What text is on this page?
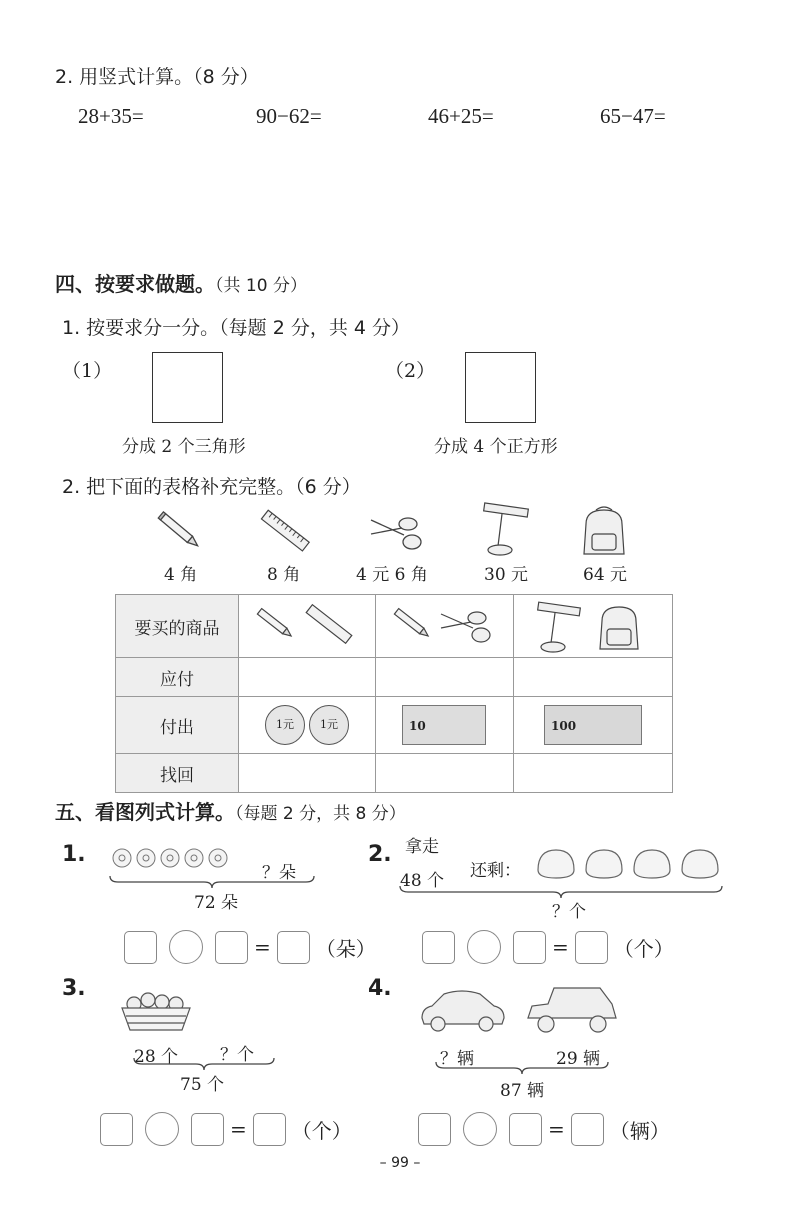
2. 用竖式计算。（8 分）
28+35=	90−62=	46+25=	65−47=
四、按要求做题。（共 10 分）
1. 按要求分一分。（每题 2 分，共 4 分）
（1）
分成 2 个三角形
（2）
分成 4 个正方形
2. 把下面的表格补充完整。（6 分）
4 角	8 角	4 元 6 角	30 元	64 元
要买的商品	

应付			
付出	1元 1元	10	100

找回			
五、看图列式计算。（每题 2 分，共 8 分）
1.
？朵
72 朵
= （朵）
2. 拿走
48 个 还剩：
？个
= （个）
3.
28 个 ？个
75 个
= （个）
4.
？辆	29 辆
87 辆
= （辆）
– 99 –
